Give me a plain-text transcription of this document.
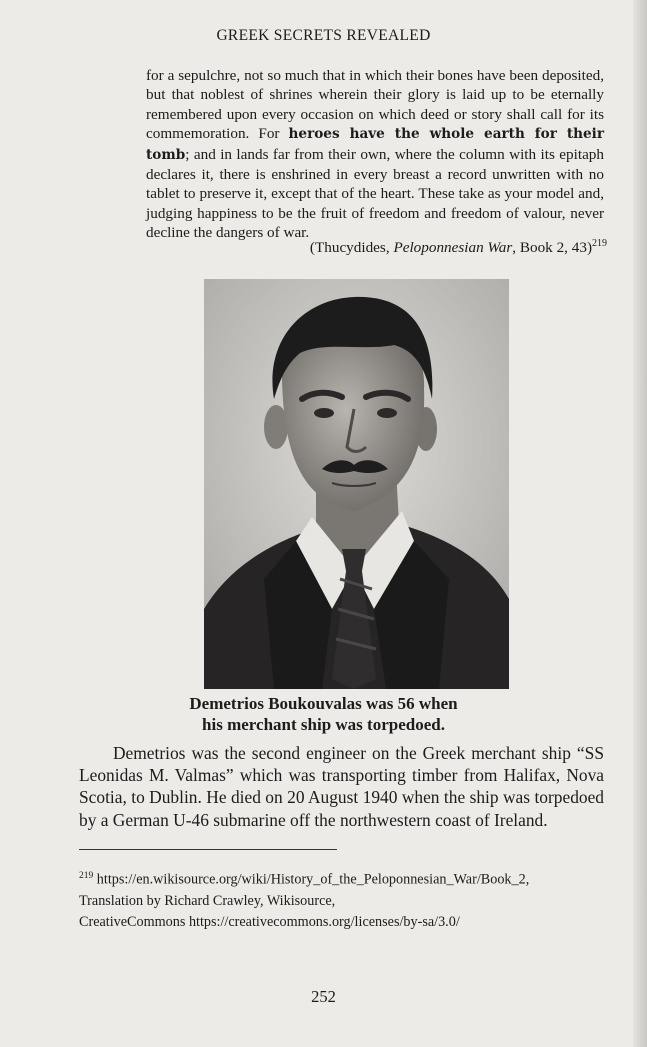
GREEK SECRETS REVEALED
for a sepulchre, not so much that in which their bones have been deposited, but that noblest of shrines wherein their glory is laid up to be eternally remembered upon every occasion on which deed or story shall call for its commemoration. For heroes have the whole earth for their tomb; and in lands far from their own, where the column with its epitaph declares it, there is enshrined in every breast a record unwritten with no tablet to preserve it, except that of the heart. These take as your model and, judging happiness to be the fruit of freedom and freedom of valour, never decline the dangers of war.
(Thucydides, Peloponnesian War, Book 2, 43)$^{219}$
Demetrios Boukouvalas was 56 when
his merchant ship was torpedoed.
Demetrios was the second engineer on the Greek merchant ship “SS Leonidas M. Valmas” which was transporting timber from Halifax, Nova Scotia, to Dublin. He died on 20 August 1940 when the ship was torpedoed by a German U-46 submarine off the northwestern coast of Ireland.
$^{219}$ https://en.wikisource.org/wiki/History_of_the_Peloponnesian_War/Book_2,
Translation by Richard Crawley, Wikisource,
CreativeCommons https://creativecommons.org/licenses/by-sa/3.0/
252
